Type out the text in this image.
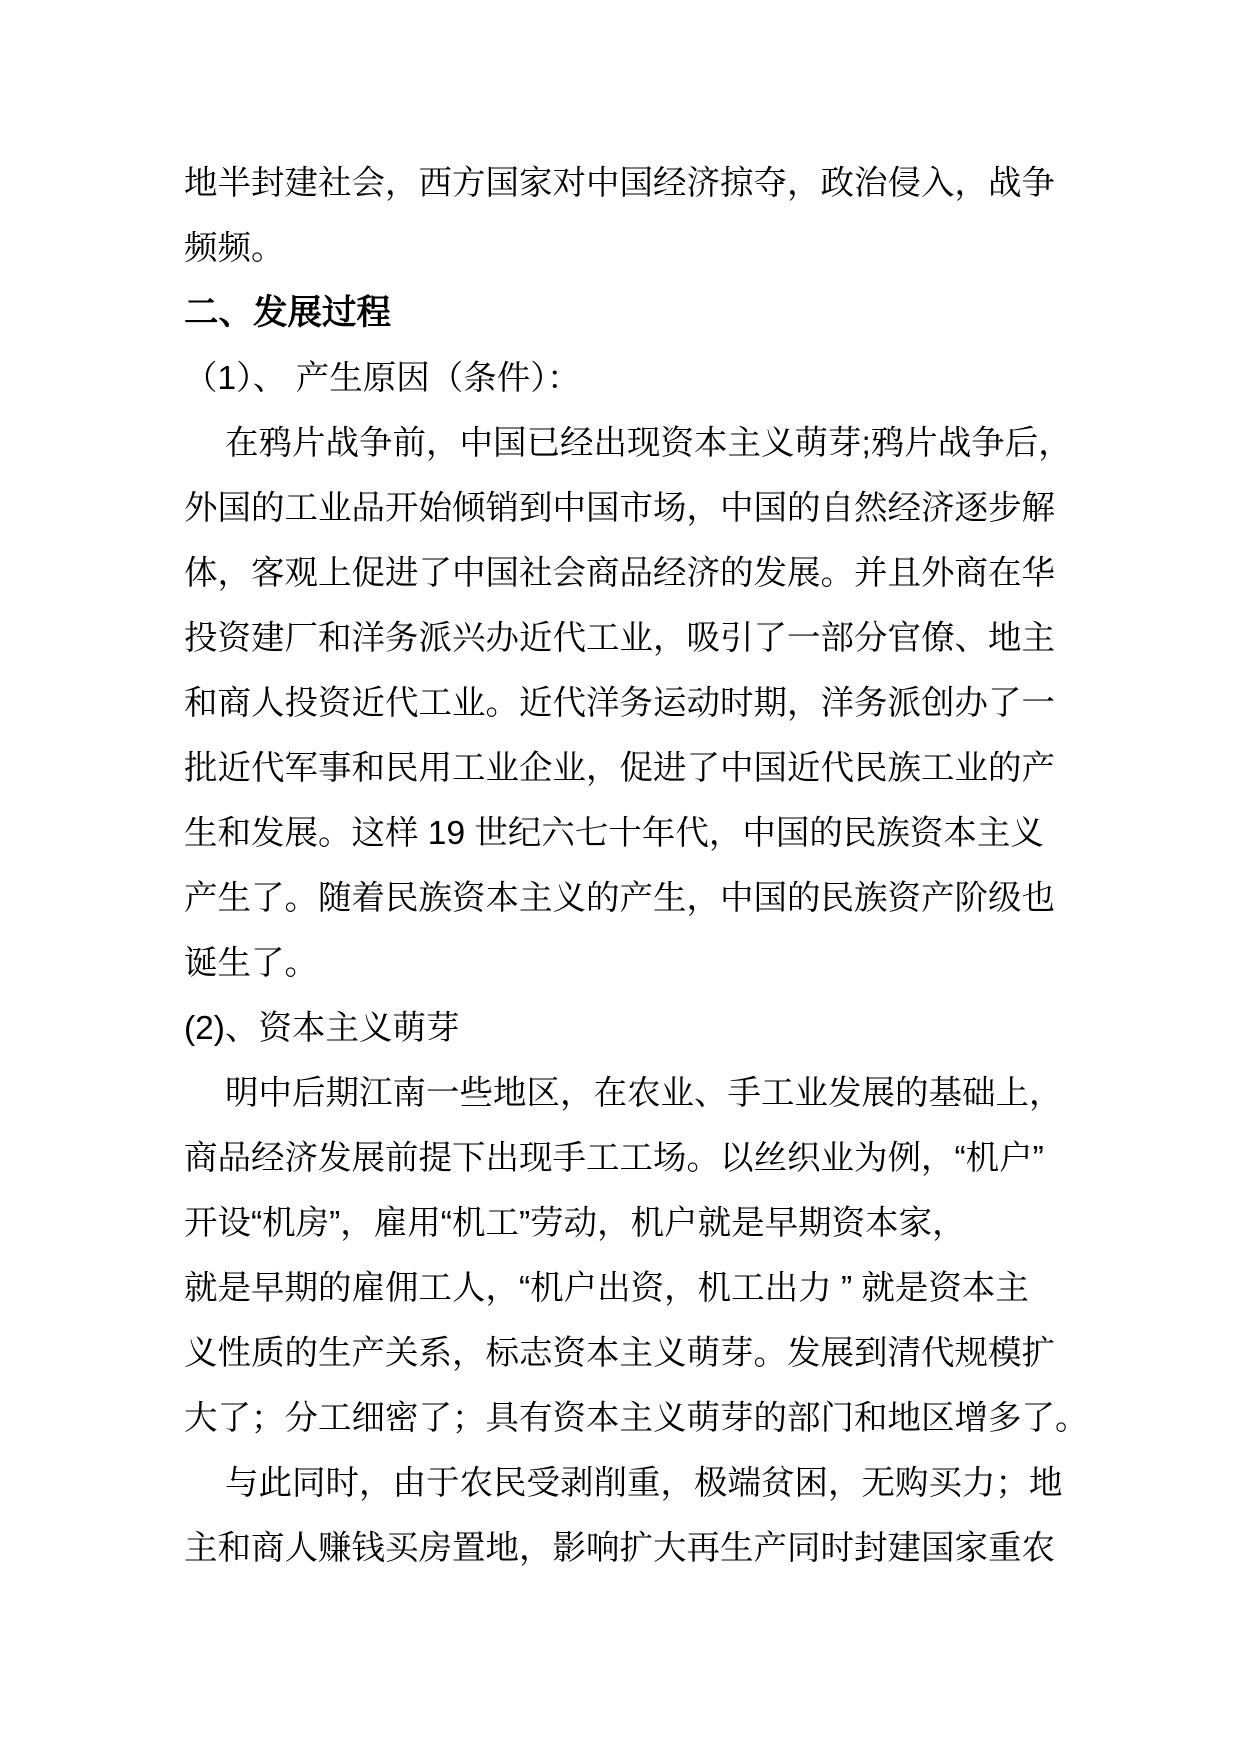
地半封建社会，西方国家对中国经济掠夺，政治侵入，战争
频频。
二、发展过程
（1）、 产生原因（条件）：
在鸦片战争前，中国已经出现资本主义萌芽;鸦片战争后，
外国的工业品开始倾销到中国市场，中国的自然经济逐步解
体，客观上促进了中国社会商品经济的发展。并且外商在华
投资建厂和洋务派兴办近代工业，吸引了一部分官僚、地主
和商人投资近代工业。近代洋务运动时期，洋务派创办了一
批近代军事和民用工业企业，促进了中国近代民族工业的产
生和发展。这样 19 世纪六七十年代，中国的民族资本主义
产生了。随着民族资本主义的产生，中国的民族资产阶级也
诞生了。
(2)、资本主义萌芽
明中后期江南一些地区，在农业、手工业发展的基础上，
商品经济发展前提下出现手工工场。以丝织业为例，“机户”
开设“机房”，雇用“机工”劳动，机户就是早期资本家，
就是早期的雇佣工人，“机户出资，机工出力 ” 就是资本主
义性质的生产关系，标志资本主义萌芽。发展到清代规模扩
大了；分工细密了；具有资本主义萌芽的部门和地区增多了。
与此同时，由于农民受剥削重，极端贫困，无购买力；地
主和商人赚钱买房置地，影响扩大再生产同时封建国家重农
